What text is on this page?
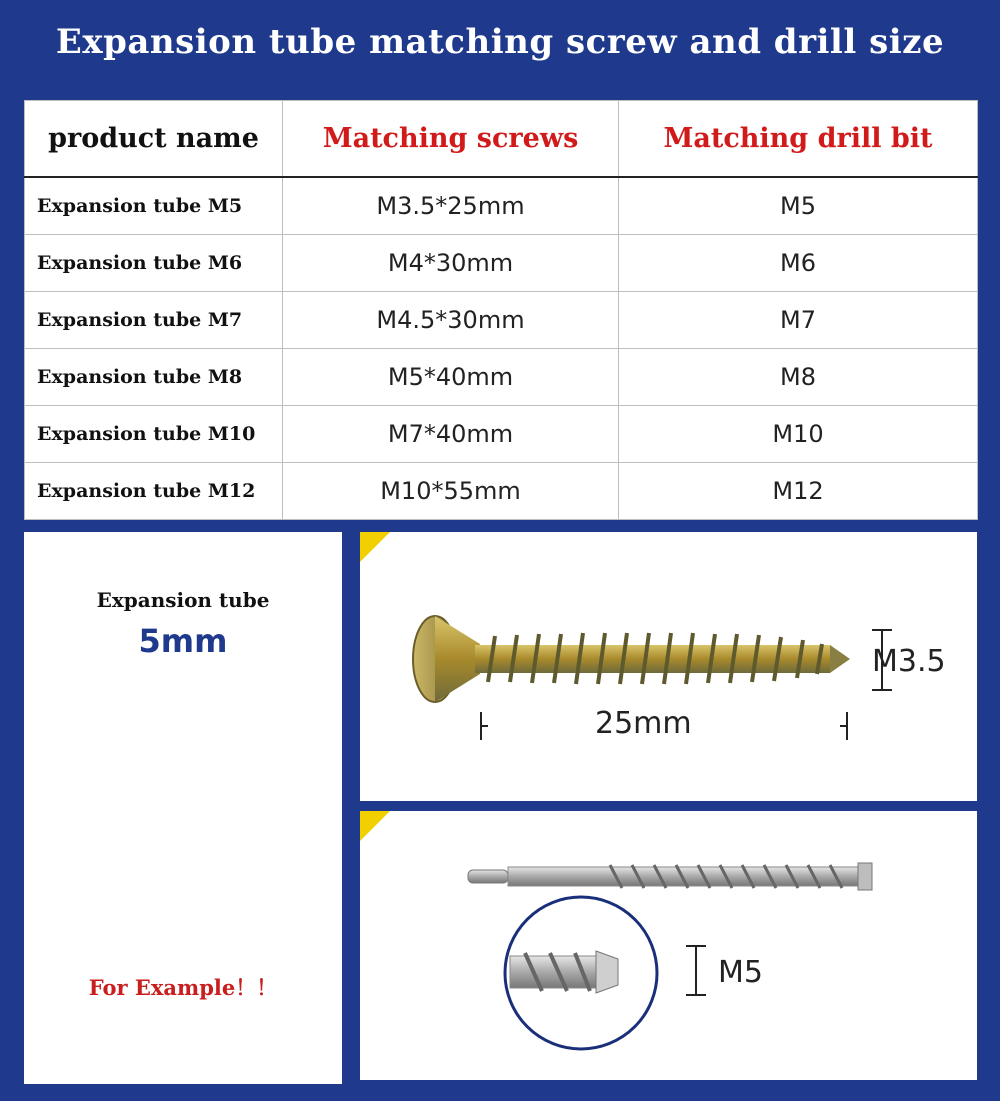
Expansion tube matching screw and drill size
product name	Matching screws	Matching drill bit
Expansion tube M5	M3.5*25mm	M5
Expansion tube M6	M4*30mm	M6
Expansion tube M7	M4.5*30mm	M7
Expansion tube M8	M5*40mm	M8
Expansion tube M10	M7*40mm	M10
Expansion tube M12	M10*55mm	M12
Expansion tube
5mm
For Example！！
25mm
M3.5
M5
